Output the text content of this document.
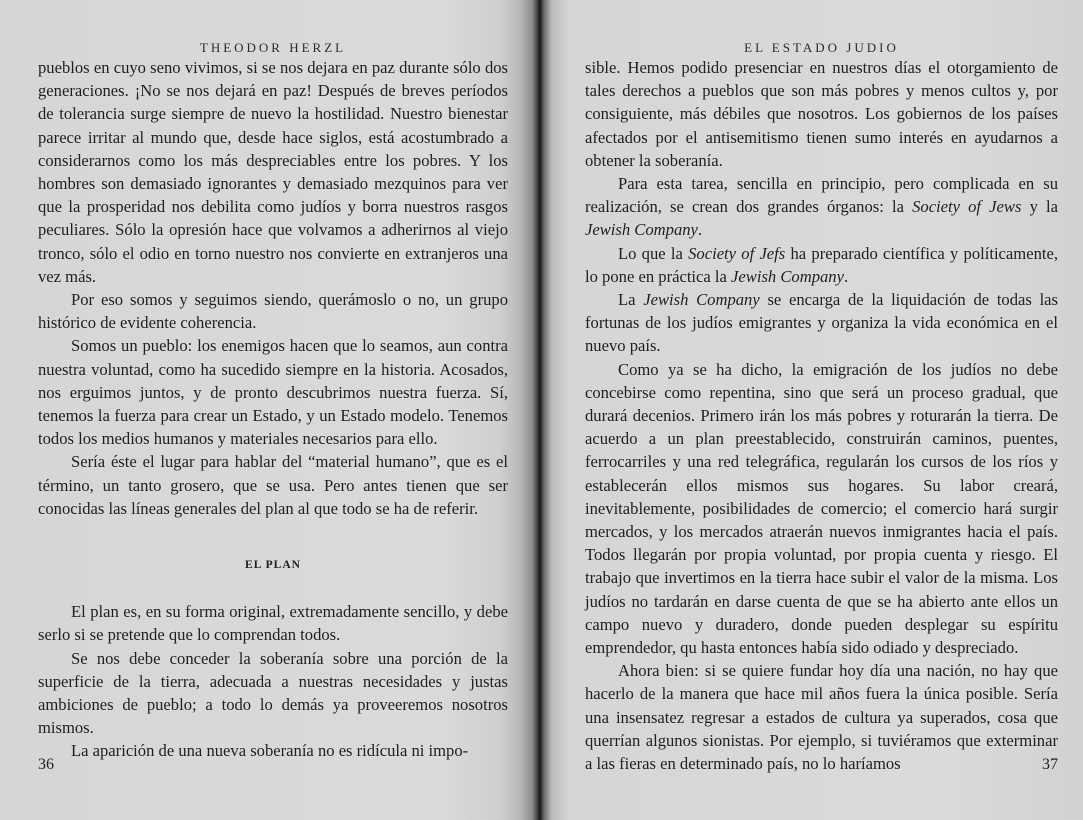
THEODOR HERZL

pueblos en cuyo seno vivimos, si se nos dejara en paz durante sólo dos generaciones. ¡No se nos dejará en paz! Después de breves períodos de tolerancia surge siempre de nuevo la hostilidad. Nuestro bienestar parece irritar al mundo que, desde hace siglos, está acostumbrado a considerarnos como los más despreciables entre los pobres. Y los hombres son demasiado ignorantes y demasiado mezquinos para ver que la prosperidad nos debilita como judíos y borra nuestros rasgos peculiares. Sólo la opresión hace que volvamos a adherirnos al viejo tronco, sólo el odio en torno nuestro nos convierte en extranjeros una vez más.

Por eso somos y seguimos siendo, querámoslo o no, un grupo histórico de evidente coherencia.

Somos un pueblo: los enemigos hacen que lo seamos, aun contra nuestra voluntad, como ha sucedido siempre en la historia. Acosados, nos erguimos juntos, y de pronto descubrimos nuestra fuerza. Sí, tenemos la fuerza para crear un Estado, y un Estado modelo. Tenemos todos los medios humanos y materiales necesarios para ello.

Sería éste el lugar para hablar del “material humano”, que es el término, un tanto grosero, que se usa. Pero antes tienen que ser conocidas las líneas generales del plan al que todo se ha de referir.

EL PLAN

El plan es, en su forma original, extremadamente sencillo, y debe serlo si se pretende que lo comprendan todos.

Se nos debe conceder la soberanía sobre una porción de la superficie de la tierra, adecuada a nuestras necesidades y justas ambiciones de pueblo; a todo lo demás ya proveeremos nosotros mismos.

La aparición de una nueva soberanía no es ridícula ni impo-

36
EL ESTADO JUDIO

sible. Hemos podido presenciar en nuestros días el otorgamiento de tales derechos a pueblos que son más pobres y menos cultos y, por consiguiente, más débiles que nosotros. Los gobiernos de los países afectados por el antisemitismo tienen sumo interés en ayudarnos a obtener la soberanía.

Para esta tarea, sencilla en principio, pero complicada en su realización, se crean dos grandes órganos: la Society of Jews y la Jewish Company.

Lo que la Society of Jefs ha preparado científica y políticamente, lo pone en práctica la Jewish Company.

La Jewish Company se encarga de la liquidación de todas las fortunas de los judíos emigrantes y organiza la vida económica en el nuevo país.

Como ya se ha dicho, la emigración de los judíos no debe concebirse como repentina, sino que será un proceso gradual, que durará decenios. Primero irán los más pobres y roturarán la tierra. De acuerdo a un plan preestablecido, construirán caminos, puentes, ferrocarriles y una red telegráfica, regularán los cursos de los ríos y establecerán ellos mismos sus hogares. Su labor creará, inevitablemente, posibilidades de comercio; el comercio hará surgir mercados, y los mercados atraerán nuevos inmigrantes hacia el país. Todos llegarán por propia voluntad, por propia cuenta y riesgo. El trabajo que invertimos en la tierra hace subir el valor de la misma. Los judíos no tardarán en darse cuenta de que se ha abierto ante ellos un campo nuevo y duradero, donde pueden desplegar su espíritu emprendedor, qu hasta entonces había sido odiado y despreciado.

Ahora bien: si se quiere fundar hoy día una nación, no hay que hacerlo de la manera que hace mil años fuera la única posible. Sería una insensatez regresar a estados de cultura ya superados, cosa que querrían algunos sionistas. Por ejemplo, si tuviéramos que exterminar a las fieras en determinado país, no lo haríamos	37
